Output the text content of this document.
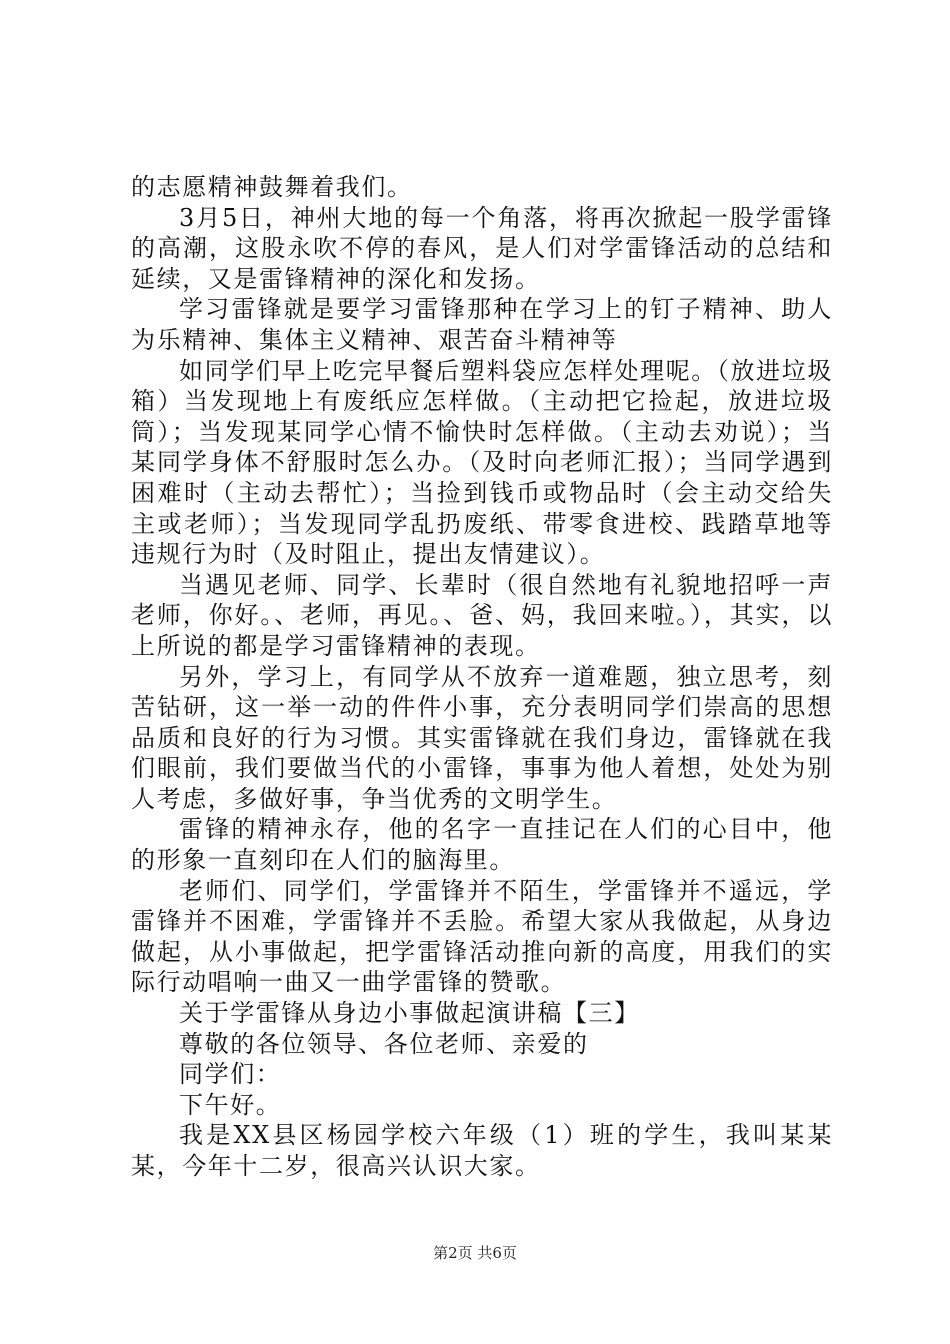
的志愿精神鼓舞着我们。

3月5日，神州大地的每一个角落，将再次掀起一股学雷锋的高潮，这股永吹不停的春风，是人们对学雷锋活动的总结和延续，又是雷锋精神的深化和发扬。

学习雷锋就是要学习雷锋那种在学习上的钉子精神、助人为乐精神、集体主义精神、艰苦奋斗精神等

如同学们早上吃完早餐后塑料袋应怎样处理呢。（放进垃圾箱）当发现地上有废纸应怎样做。（主动把它捡起，放进垃圾筒）；当发现某同学心情不愉快时怎样做。（主动去劝说）；当某同学身体不舒服时怎么办。（及时向老师汇报）；当同学遇到困难时（主动去帮忙）；当捡到钱币或物品时（会主动交给失主或老师）；当发现同学乱扔废纸、带零食进校、践踏草地等违规行为时（及时阻止，提出友情建议）。

当遇见老师、同学、长辈时（很自然地有礼貌地招呼一声老师，你好。、老师，再见。、爸、妈，我回来啦。），其实，以上所说的都是学习雷锋精神的表现。

另外，学习上，有同学从不放弃一道难题，独立思考，刻苦钻研，这一举一动的件件小事，充分表明同学们崇高的思想品质和良好的行为习惯。其实雷锋就在我们身边，雷锋就在我们眼前，我们要做当代的小雷锋，事事为他人着想，处处为别人考虑，多做好事，争当优秀的文明学生。

雷锋的精神永存，他的名字一直挂记在人们的心目中，他的形象一直刻印在人们的脑海里。

老师们、同学们，学雷锋并不陌生，学雷锋并不遥远，学雷锋并不困难，学雷锋并不丢脸。希望大家从我做起，从身边做起，从小事做起，把学雷锋活动推向新的高度，用我们的实际行动唱响一曲又一曲学雷锋的赞歌。

关于学雷锋从身边小事做起演讲稿【三】

尊敬的各位领导、各位老师、亲爱的

同学们：

下午好。

我是XX县区杨园学校六年级（1）班的学生，我叫某某某，今年十二岁，很高兴认识大家。

第2页 共6页
